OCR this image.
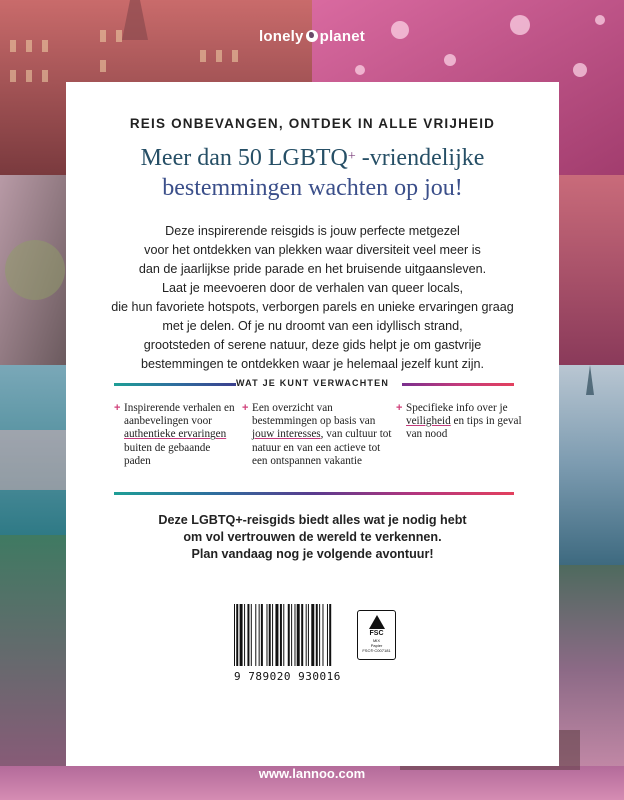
lonely planet
REIS ONBEVANGEN, ONTDEK IN ALLE VRIJHEID
Meer dan 50 LGBTQ+ -vriendelijke
bestemmingen wachten op jou!
Deze inspirerende reisgids is jouw perfecte metgezel
voor het ontdekken van plekken waar diversiteit veel meer is
dan de jaarlijkse pride parade en het bruisende uitgaansleven.
Laat je meevoeren door de verhalen van queer locals,
die hun favoriete hotspots, verborgen parels en unieke ervaringen graag
met je delen. Of je nu droomt van een idyllisch strand,
grootsteden of serene natuur, deze gids helpt je om gastvrije
bestemmingen te ontdekken waar je helemaal jezelf kunt zijn.
WAT JE KUNT VERWACHTEN
+ Inspirerende verhalen en aanbevelingen voor authentieke ervaringen buiten de gebaande paden
+ Een overzicht van bestemmingen op basis van jouw interesses, van cultuur tot natuur en van een actieve tot een ontspannen vakantie
+ Specifieke info over je veiligheid en tips in geval van nood
Deze LGBTQ+-reisgids biedt alles wat je nodig hebt
om vol vertrouwen de wereld te verkennen.
Plan vandaag nog je volgende avontuur!
9 789020 930016
FSC
MIX
Papier
FSC® C007181
www.lannoo.com
